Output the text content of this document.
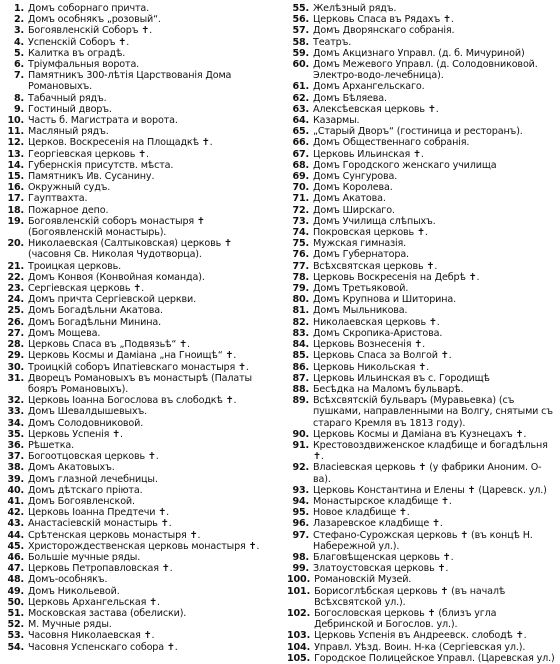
1. Домъ соборнаго причта.
2. Домъ особнякъ „розовый“.
3. Богоявленскій Соборъ ✝.
4. Успенскій Соборъ ✝.
5. Калитка въ оградѣ.
6. Тріумфальныя ворота.
7. Памятникъ 300-лѣтія Царствованія Дома Романовыхъ.
8. Табачный рядъ.
9. Гостиный дворъ.
10. Часть б. Магистрата и ворота.
11. Масляный рядъ.
12. Церков. Воскресенія на Площадкѣ ✝.
13. Георгіевская церковь ✝.
14. Губернскія присутств. мѣста.
15. Памятникъ Ив. Сусанину.
16. Окружный судъ.
17. Гауптвахта.
18. Пожарное депо.
19. Богоявленскій соборъ монастыря ✝ (Богоявленскій монастырь).
20. Николаевская (Салтыковская) церковь ✝ (часовня Св. Николая Чудотворца).
21. Троицкая церковь.
22. Домъ Конвоя (Конвойная команда).
23. Сергіевская церковь ✝.
24. Домъ причта Сергіевской церкви.
25. Домъ Богадѣльни Акатова.
26. Домъ Богадѣльни Минина.
27. Домъ Мощева.
28. Церковь Спаса въ „Подвязьѣ“ ✝.
29. Церковь Космы и Даміана „на Гноищѣ“ ✝.
30. Троицкій соборъ Ипатіевскаго монастыря ✝.
31. Дворецъ Романовыхъ въ монастырѣ (Палаты бояръ Романовыхъ).
32. Церковь Іоанна Богослова въ слободкѣ ✝.
33. Домъ Шевалдышевыхъ.
34. Домъ Солодовниковой.
35. Церковь Успенія ✝.
36. Рѣшетка.
37. Богоотцовская церковь ✝.
38. Домъ Акатовыхъ.
39. Домъ глазной лечебницы.
40. Домъ дѣтскаго пріюта.
41. Домъ Богоявленской.
42. Церковь Іоанна Предтечи ✝.
43. Анастасіевскій монастырь ✝.
44. Срѣтенская церковь монастыря ✝.
45. Христорождественская церковь монастыря ✝.
46. Большіе мучные ряды.
47. Церковь Петропавловская ✝.
48. Домъ-особнякъ.
49. Домъ Никольевой.
50. Церковь Архангельская ✝.
51. Московская застава (обелиски).
52. М. Мучные ряды.
53. Часовня Николаевская ✝.
54. Часовня Успенскаго собора ✝.
55. Желѣзный рядъ.
56. Церковь Спаса въ Рядахъ ✝.
57. Домъ Дворянскаго собранія.
58. Театръ.
59. Домъ Акцизнаго Управл. (д. б. Мичуриной)
60. Домъ Межевого Управл. (д. Солодовниковой. Электро-водо-лечебница).
61. Домъ Архангельскаго.
62. Домъ Бѣляева.
63. Алексѣевская церковь ✝.
64. Казармы.
65. „Старый Дворъ“ (гостиница и ресторанъ).
66. Домъ Общественнаго собранія.
67. Церковь Ильинская ✝.
68. Домъ Городского женскаго училища
69. Домъ Сунгурова.
70. Домъ Королева.
71. Домъ Акатова.
72. Домъ Ширскаго.
73. Домъ Училища слѣпыхъ.
74. Покровская церковь ✝.
75. Мужская гимназія.
76. Домъ Губернатора.
77. Всѣхсвятская церковь ✝.
78. Церковь Воскресенія на Дебрѣ ✝.
79. Домъ Третьяковой.
80. Домъ Крупнова и Шиторина.
81. Домъ Мыльникова.
82. Николаевская церковь ✝.
83. Домъ Скропика-Аристова.
84. Церковь Вознесенія ✝.
85. Церковь Спаса за Волгой ✝.
86. Церковь Никольская ✝.
87. Церковь Ильинская въ с. Городищѣ
88. Бесѣдка на Маломъ бульварѣ.
89. Всѣхсвятскій бульваръ (Муравьевка) (съ пушками, направленными на Волгу, снятыми съ стараго Кремля въ 1813 году).
90. Церковь Космы и Даміана въ Кузнецахъ ✝.
91. Крестовоздвиженское кладбище и богадѣльня ✝.
92. Власіевская церковь ✝ (у фабрики Аноним. О-ва).
93. Церковь Константина и Елены ✝ (Царевск. ул.)
94. Монастырское кладбище ✝.
95. Новое кладбище ✝.
96. Лазаревское кладбище ✝.
97. Стефано-Сурожская церковь ✝ (въ концѣ Н. Набережной ул.).
98. Благовѣщенская церковь ✝.
99. Златоустовская церковь ✝.
100. Романовскій Музей.
101. Борисоглѣбская церковь ✝ (въ началѣ Всѣхсвятской ул.).
102. Богословская церковь ✝ (близъ угла Дебринской и Богослов. ул.).
103. Церковь Успенія въ Андреевск. слободѣ ✝.
104. Управл. Уѣзд. Воин. Н-ка (Сергіевская ул.).
105. Городское Полицейское Управл. (Царевская ул.)
